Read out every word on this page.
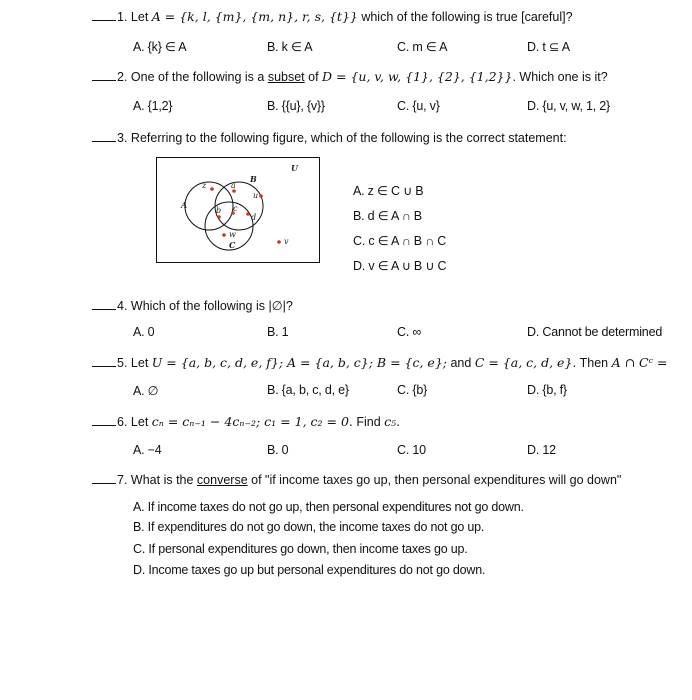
1. Let A = {k, l, {m}, {m, n}, r, s, {t}} which of the following is true [careful]?
A. {k} ∈ A	B. k ∈ A	C. m ∈ A	D. t ⊆ A
2. One of the following is a subset of D = {u, v, w, {1}, {2}, {1,2}}. Which one is it?
A. {1,2}	B. {{u}, {v}}	C. {u, v}	D. {u, v, w, 1, 2}
3. Referring to the following figure, which of the following is the correct statement:
U
A
B
C
z	a
u
b c
d
w
v
A. z ∈ C ∪ B
B. d ∈ A ∩ B
C. c ∈ A ∩ B ∩ C
D. v ∈ A ∪ B ∪ C
4. Which of the following is |∅|?
A. 0	B. 1	C. ∞	D. Cannot be determined
5. Let U = {a, b, c, d, e, f}; A = {a, b, c}; B = {c, e}; and C = {a, c, d, e}. Then A ∩ Cᶜ =
A. ∅	B. {a, b, c, d, e}	C. {b}	D. {b, f}
6. Let cₙ = cₙ₋₁ − 4cₙ₋₂; c₁ = 1, c₂ = 0. Find c₅.
A. −4	B. 0	C. 10	D. 12
7. What is the converse of "if income taxes go up, then personal expenditures will go down"
A. If income taxes do not go up, then personal expenditures not go down.
B. If expenditures do not go down, the income taxes do not go up.
C. If personal expenditures go down, then income taxes go up.
D. Income taxes go up but personal expenditures do not go down.
